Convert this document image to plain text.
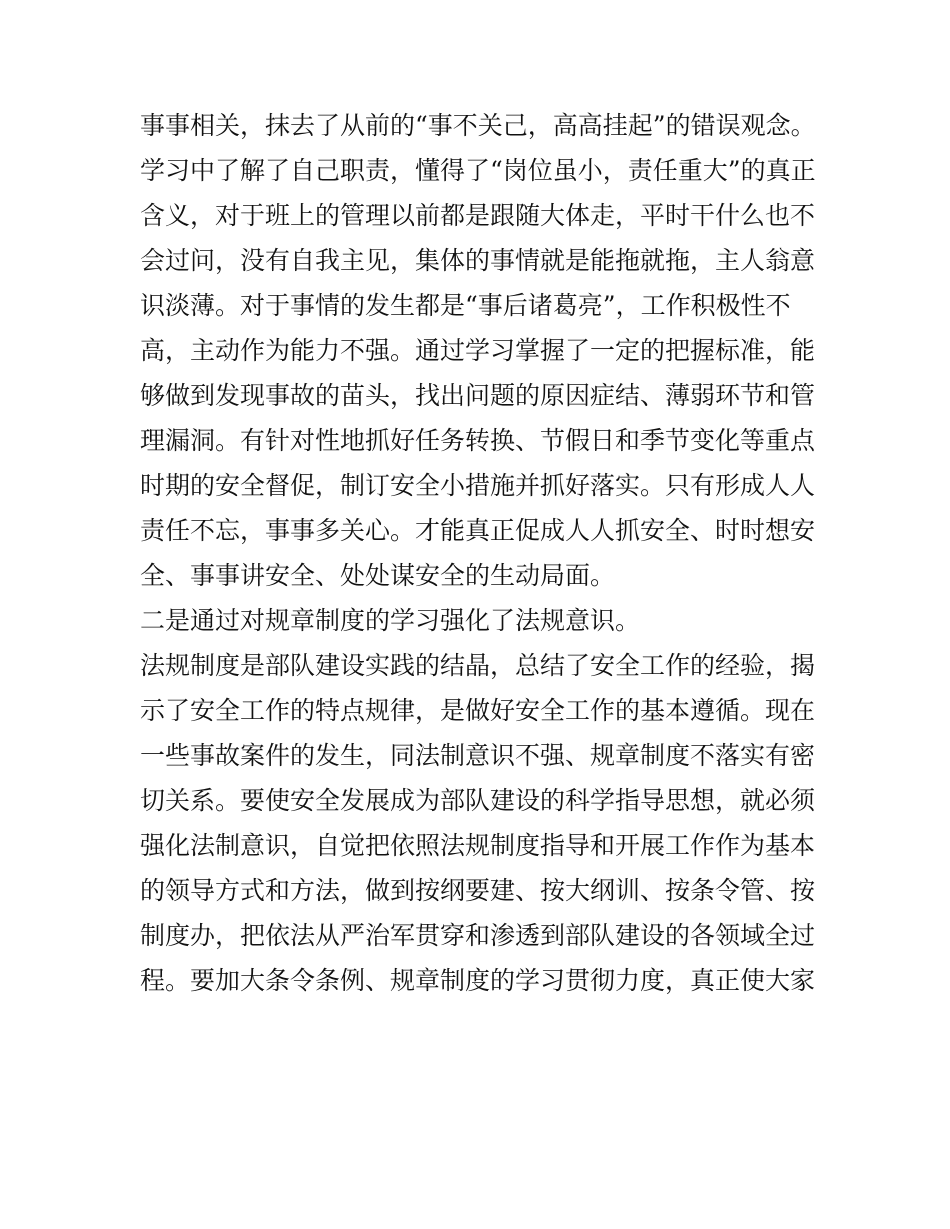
事事相关，抹去了从前的“事不关己，高高挂起”的错误观念。
学习中了解了自己职责，懂得了“岗位虽小，责任重大”的真正
含义，对于班上的管理以前都是跟随大体走，平时干什么也不
会过问，没有自我主见，集体的事情就是能拖就拖，主人翁意
识淡薄。对于事情的发生都是“事后诸葛亮”，工作积极性不
高，主动作为能力不强。通过学习掌握了一定的把握标准，能
够做到发现事故的苗头，找出问题的原因症结、薄弱环节和管
理漏洞。有针对性地抓好任务转换、节假日和季节变化等重点
时期的安全督促，制订安全小措施并抓好落实。只有形成人人
责任不忘，事事多关心。才能真正促成人人抓安全、时时想安
全、事事讲安全、处处谋安全的生动局面。
二是通过对规章制度的学习强化了法规意识。
法规制度是部队建设实践的结晶，总结了安全工作的经验，揭
示了安全工作的特点规律，是做好安全工作的基本遵循。现在
一些事故案件的发生，同法制意识不强、规章制度不落实有密
切关系。要使安全发展成为部队建设的科学指导思想，就必须
强化法制意识，自觉把依照法规制度指导和开展工作作为基本
的领导方式和方法，做到按纲要建、按大纲训、按条令管、按
制度办，把依法从严治军贯穿和渗透到部队建设的各领域全过
程。要加大条令条例、规章制度的学习贯彻力度，真正使大家
